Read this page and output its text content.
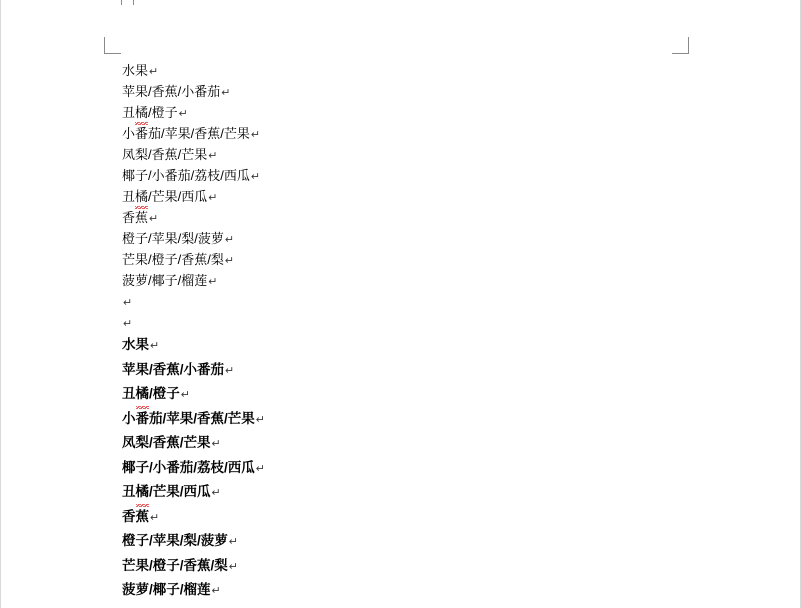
水果↵
苹果/香蕉/小番茄↵
丑橘/橙子↵
小番茄/苹果/香蕉/芒果↵
凤梨/香蕉/芒果↵
椰子/小番茄/荔枝/西瓜↵
丑橘/芒果/西瓜↵
香蕉↵
橙子/苹果/梨/菠萝↵
芒果/橙子/香蕉/梨↵
菠萝/椰子/榴莲↵
↵
↵
水果↵
苹果/香蕉/小番茄↵
丑橘/橙子↵
小番茄/苹果/香蕉/芒果↵
凤梨/香蕉/芒果↵
椰子/小番茄/荔枝/西瓜↵
丑橘/芒果/西瓜↵
香蕉↵
橙子/苹果/梨/菠萝↵
芒果/橙子/香蕉/梨↵
菠萝/椰子/榴莲↵
